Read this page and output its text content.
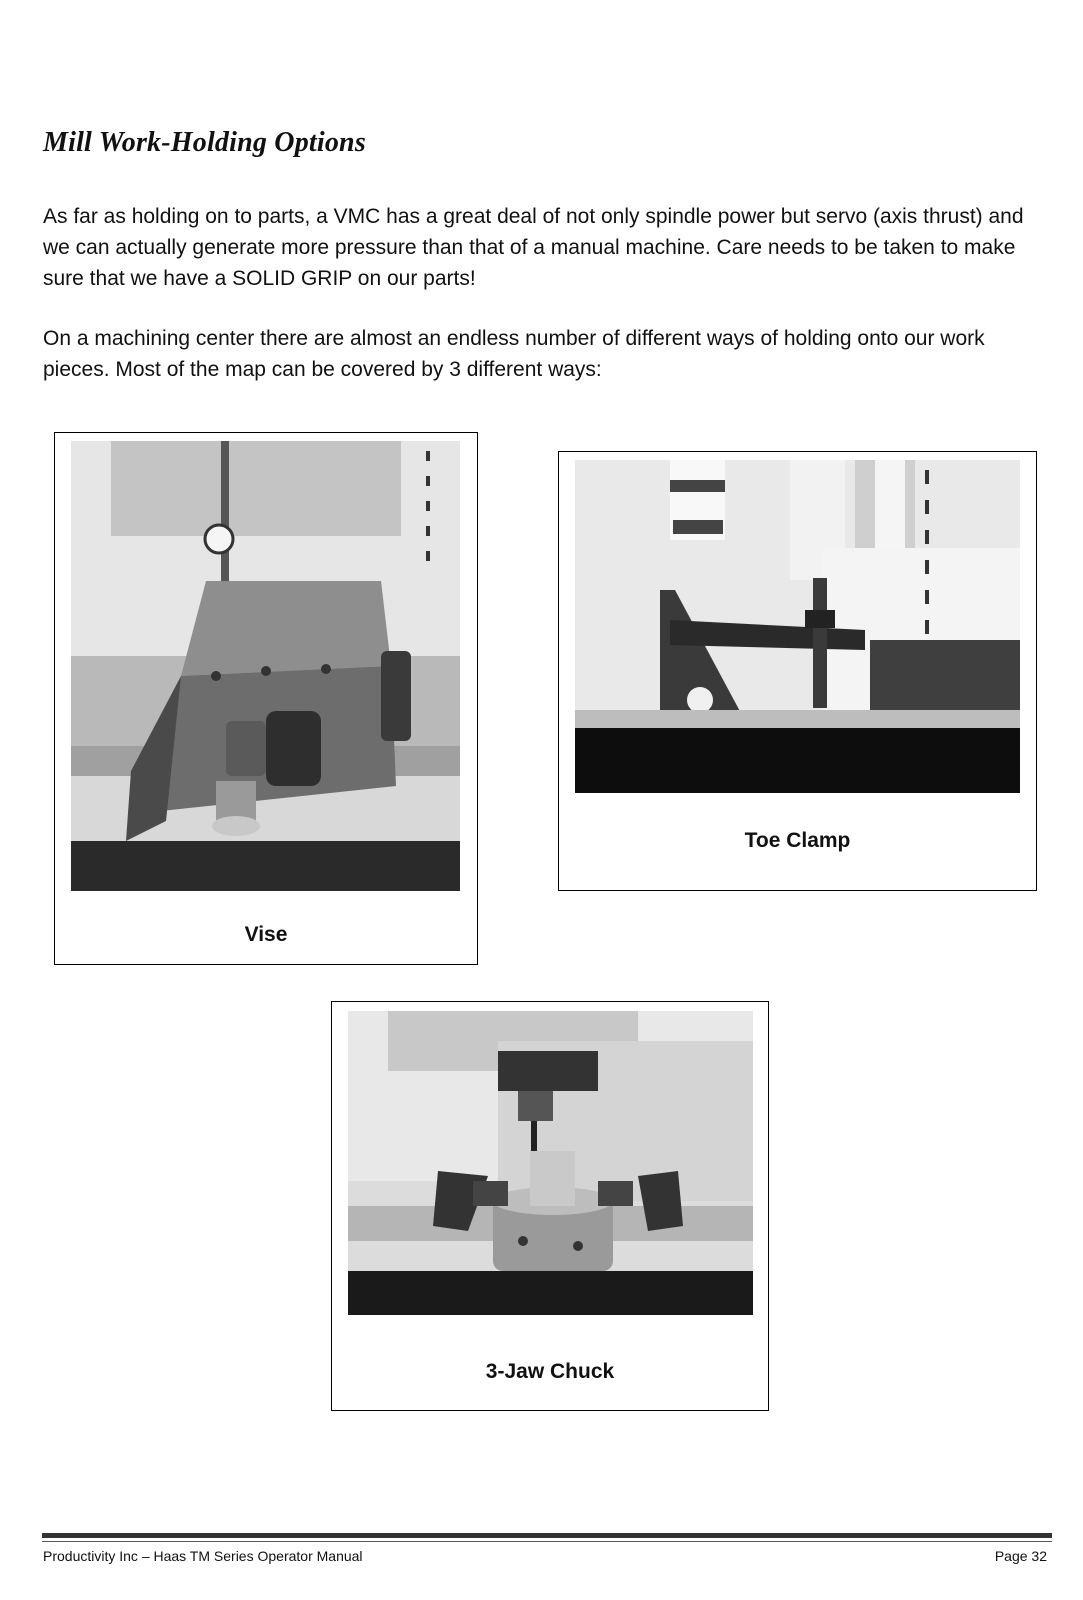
Mill Work-Holding Options

As far as holding on to parts, a VMC has a great deal of not only spindle power but servo (axis thrust) and we can actually generate more pressure than that of a manual machine. Care needs to be taken to make sure that we have a SOLID GRIP on our parts!

On a machining center there are almost an endless number of different ways of holding onto our work pieces. Most of the map can be covered by 3 different ways:

Vise
Toe Clamp
3-Jaw Chuck
Productivity Inc – Haas TM Series Operator Manual	Page 32
